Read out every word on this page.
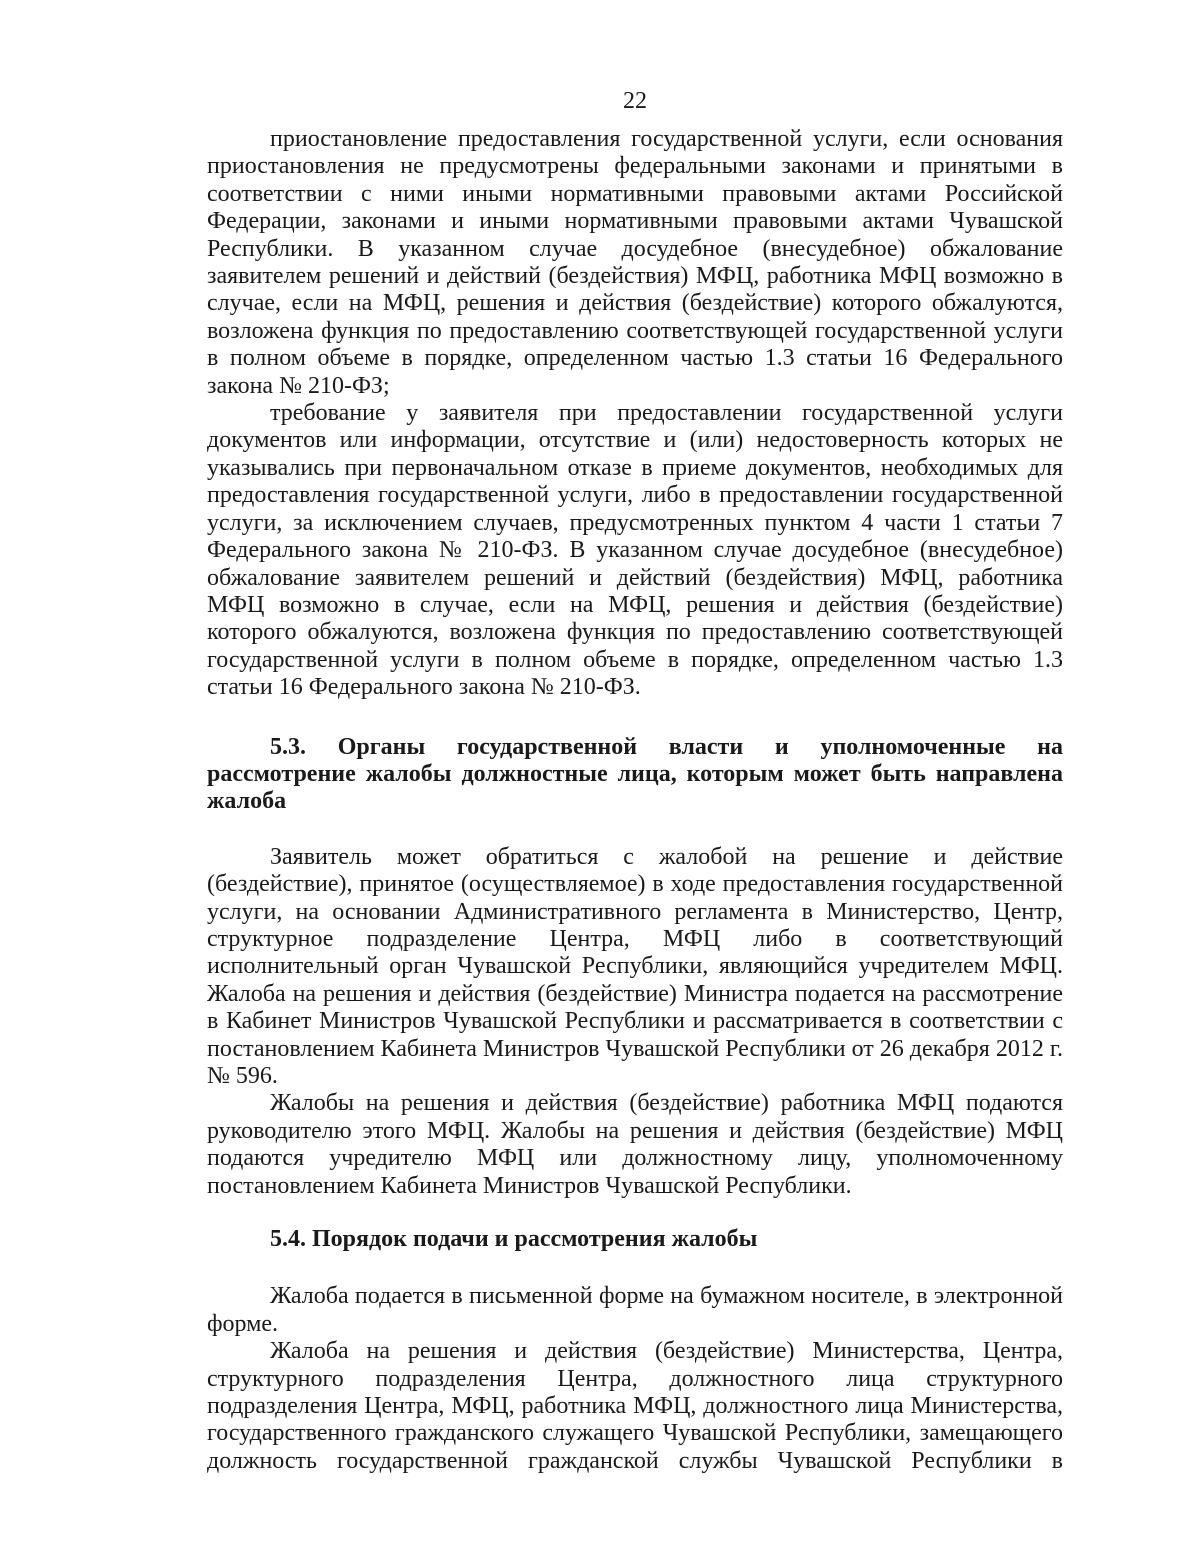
22

приостановление предоставления государственной услуги, если основания приостановления не предусмотрены федеральными законами и принятыми в соответствии с ними иными нормативными правовыми актами Российской Федерации, законами и иными нормативными правовыми актами Чувашской Республики. В указанном случае досудебное (внесудебное) обжалование заявителем решений и действий (бездействия) МФЦ, работника МФЦ возможно в случае, если на МФЦ, решения и действия (бездействие) которого обжалуются, возложена функция по предоставлению соответствующей государственной услуги в полном объеме в порядке, определенном частью 1.3 статьи 16 Федерального закона № 210-ФЗ;

требование у заявителя при предоставлении государственной услуги документов или информации, отсутствие и (или) недостоверность которых не указывались при первоначальном отказе в приеме документов, необходимых для предоставления государственной услуги, либо в предоставлении государственной услуги, за исключением случаев, предусмотренных пунктом 4 части 1 статьи 7 Федерального закона № 210-ФЗ. В указанном случае досудебное (внесудебное) обжалование заявителем решений и действий (бездействия) МФЦ, работника МФЦ возможно в случае, если на МФЦ, решения и действия (бездействие) которого обжалуются, возложена функция по предоставлению соответствующей государственной услуги в полном объеме в порядке, определенном частью 1.3 статьи 16 Федерального закона № 210-ФЗ.

5.3. Органы государственной власти и уполномоченные на рассмотрение жалобы должностные лица, которым может быть направлена жалоба

Заявитель может обратиться с жалобой на решение и действие (бездействие), принятое (осуществляемое) в ходе предоставления государственной услуги, на основании Административного регламента в Министерство, Центр, структурное подразделение Центра, МФЦ либо в соответствующий исполнительный орган Чувашской Республики, являющийся учредителем МФЦ. Жалоба на решения и действия (бездействие) Министра подается на рассмотрение в Кабинет Министров Чувашской Республики и рассматривается в соответствии с постановлением Кабинета Министров Чувашской Республики от 26 декабря 2012 г. № 596.

Жалобы на решения и действия (бездействие) работника МФЦ подаются руководителю этого МФЦ. Жалобы на решения и действия (бездействие) МФЦ подаются учредителю МФЦ или должностному лицу, уполномоченному постановлением Кабинета Министров Чувашской Республики.

5.4. Порядок подачи и рассмотрения жалобы

Жалоба подается в письменной форме на бумажном носителе, в электронной форме.

Жалоба на решения и действия (бездействие) Министерства, Центра, структурного подразделения Центра, должностного лица структурного подразделения Центра, МФЦ, работника МФЦ, должностного лица Министерства, государственного гражданского служащего Чувашской Республики, замещающего должность государственной гражданской службы Чувашской Республики в
